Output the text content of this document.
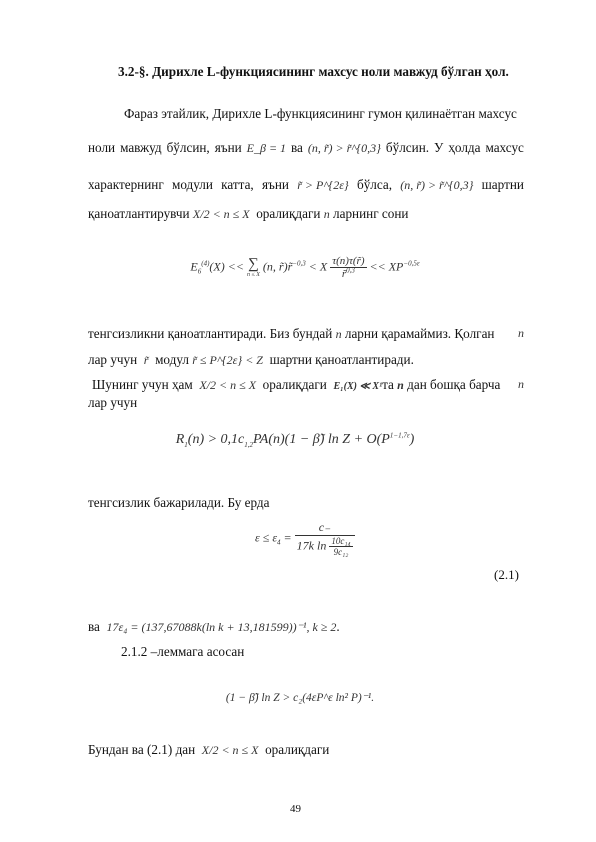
3.2-§. Дирихле L-функциясининг махсус ноли мавжуд бўлган ҳол.
Фараз этайлик, Дирихле L-функциясининг гумон қилинаётган махсус
ноли мавжуд бўлсин, яъни E_β = 1 ва (n, r̃) > r̃^{0,3} бўлсин. У ҳолда махсус
характернинг модули катта, яъни r̃ > P^{2ε} бўлса, (n, r̃) > r̃^{0,3} шартни
қаноатлантирувчи X/2 < n ≤ X оралиқдаги n ларнинг сони
$E_6^{(4)}(X)$ << ∑
n ≤ X
(n, r̃)r̃$^{-0,3}$ < X $\frac{\tau(n)\tau(r̃)}{r̃^{0,3}} << XP^{-0,5\varepsilon}$
тенгсизликни қаноатлантиради. Биз бундай n ларни қарамаймиз. Қолган n
лар учун r̃ модул r̃ ≤ P^{2ε} < Z шартни қаноатлантиради.
Шунинг учун ҳам X/2 < n ≤ X оралиқдаги E₁(X) ≪ X¹та n дан бошқа барча n
лар учун
$R_1(n) > 0,1c_{1,2}PA(n)(1$ − β̃) $\ln Z + O(P^{1-1,7\varepsilon})$
тенгсизлик бажарилади. Бу ерда
$\varepsilon \le \varepsilon_4 = \frac{c_-}{17k \ln \frac{\text{10c₁₄}}{\text{9c₁₂}}}$
(2.1)
ва 17ε₄ = (137,67088k(ln k + 13,181599))⁻¹, k ≥ 2.
2.1.2 –леммага асосан
(1 − β̃) ln Z > c₂(4εP^ε ln² P)⁻¹.
Бундан ва (2.1) дан X/2 < n ≤ X оралиқдаги
49
